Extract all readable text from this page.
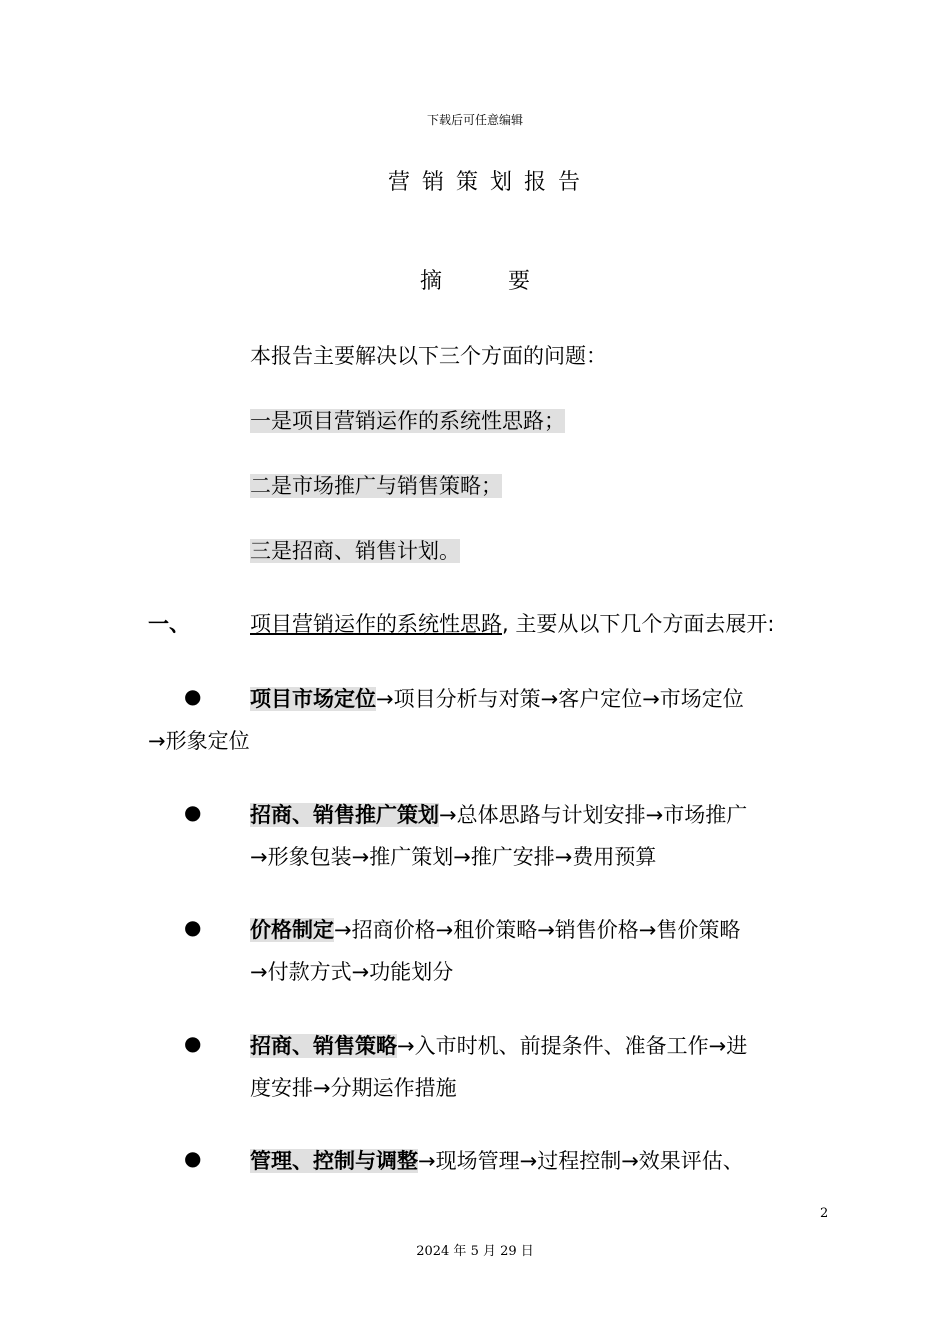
下载后可任意编辑
营销策划报告
摘	要
本报告主要解决以下三个方面的问题：
一是项目营销运作的系统性思路；
二是市场推广与销售策略；
三是招商、销售计划。
一、	项目营销运作的系统性思路, 主要从以下几个方面去展开:
● 项目市场定位→项目分析与对策→客户定位→市场定位
→形象定位
● 招商、销售推广策划→总体思路与计划安排→市场推广
→形象包装→推广策划→推广安排→费用预算
● 价格制定→招商价格→租价策略→销售价格→售价策略
→付款方式→功能划分
● 招商、销售策略→入市时机、前提条件、准备工作→进
度安排→分期运作措施
● 管理、控制与调整→现场管理→过程控制→效果评估、
2
2024 年 5 月 29 日
